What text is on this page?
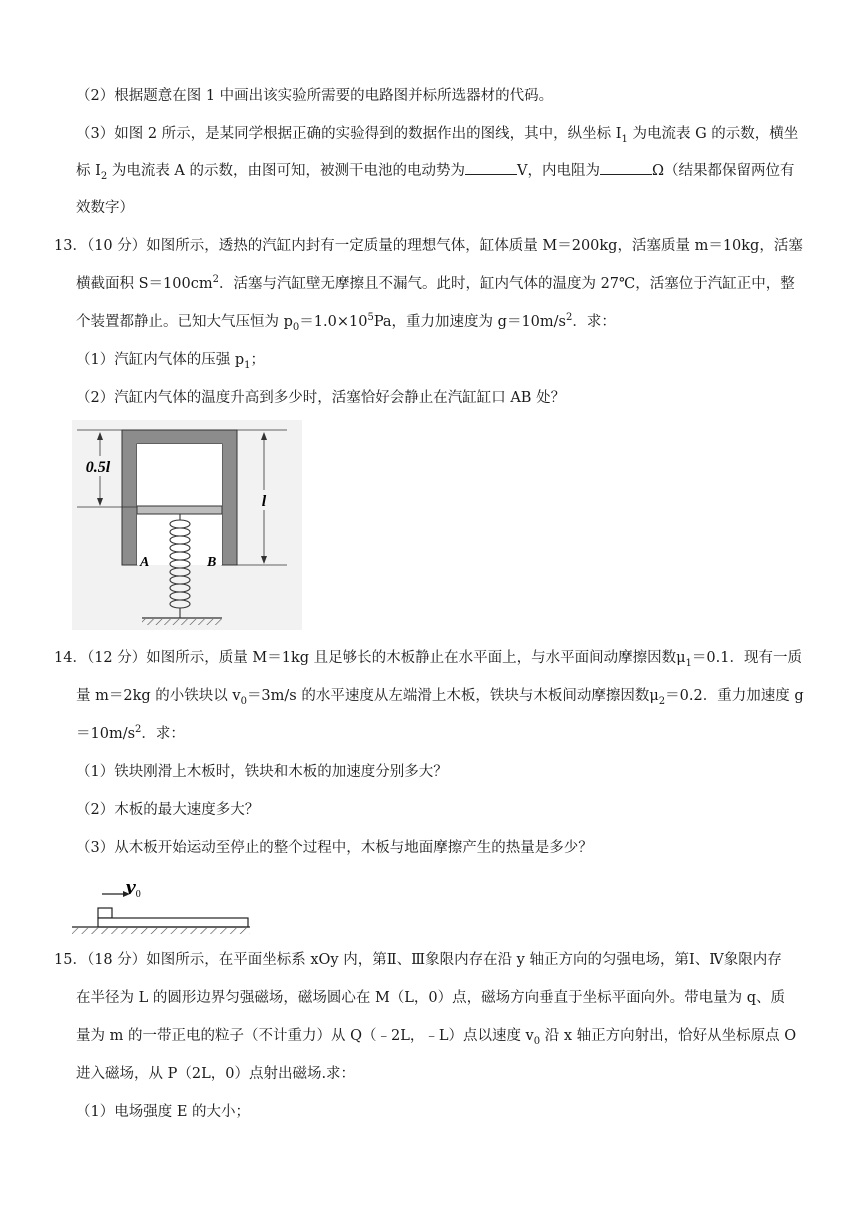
（2）根据题意在图 1 中画出该实验所需要的电路图并标所选器材的代码。
（3）如图 2 所示，是某同学根据正确的实验得到的数据作出的图线，其中，纵坐标 $I_1$ 为电流表 G 的示数，横坐
标 $I_2$ 为电流表 A 的示数，由图可知，被测干电池的电动势为	V，内电阻为	Ω（结果都保留两位有
效数字）
13．（10 分）如图所示，透热的汽缸内封有一定质量的理想气体，缸体质量 M＝200kg，活塞质量 m＝10kg，活塞
横截面积 $S=100cm^2$．活塞与汽缸壁无摩擦且不漏气。此时，缸内气体的温度为 27℃，活塞位于汽缸正中，整
个装置都静止。已知大气压恒为 $p_0=1.0\times 10^5Pa$，重力加速度为 $g=10m/s^2$．求：
（1）汽缸内气体的压强 $p_1$；
（2）汽缸内气体的温度升高到多少时，活塞恰好会静止在汽缸缸口 AB 处？
0.5l
l
A	B
14．（12 分）如图所示，质量 M＝1kg 且足够长的木板静止在水平面上，与水平面间动摩擦因数$\mu_1=0.1$．现有一质
量 m＝2kg 的小铁块以 $v_0=3m/s$ 的水平速度从左端滑上木板，铁块与木板间动摩擦因数$\mu_2=0.2$．重力加速度 g
$=10m/s^2$．求：
（1）铁块刚滑上木板时，铁块和木板的加速度分别多大？
（2）木板的最大速度多大？
（3）从木板开始运动至停止的整个过程中，木板与地面摩擦产生的热量是多少？
v0
15．（18 分）如图所示，在平面坐标系 xOy 内，第Ⅱ、Ⅲ象限内存在沿 y 轴正方向的匀强电场，第Ⅰ、Ⅳ象限内存
在半径为 L 的圆形边界匀强磁场，磁场圆心在 M（L，0）点，磁场方向垂直于坐标平面向外。带电量为 q、质
量为 m 的一带正电的粒子（不计重力）从 Q（﹣2L，﹣L）点以速度 $v_0$ 沿 x 轴正方向射出，恰好从坐标原点 O
进入磁场，从 P（2L，0）点射出磁场.求：
（1）电场强度 E 的大小；
